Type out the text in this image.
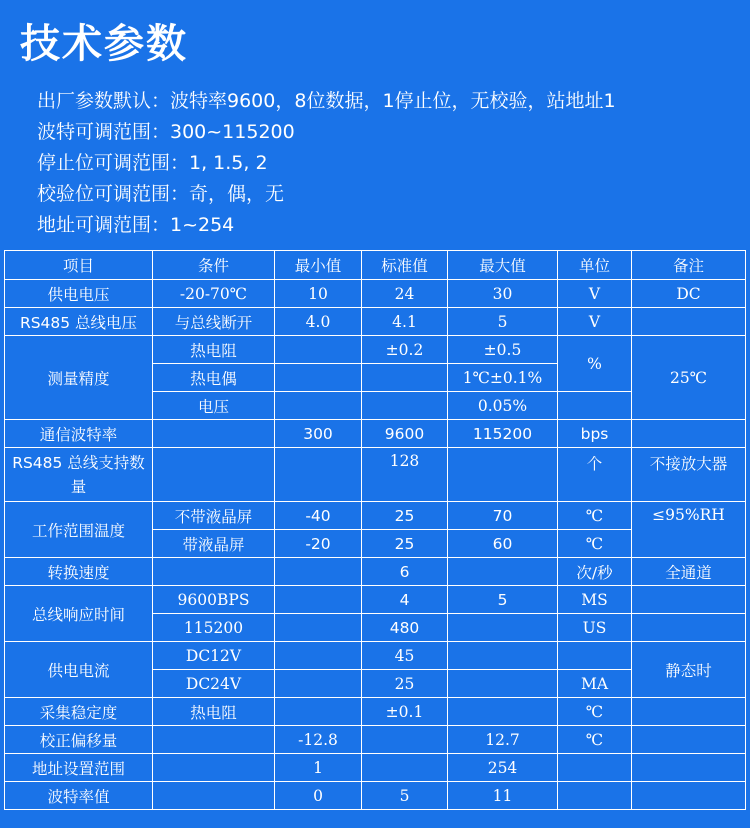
技术参数
出厂参数默认：波特率9600，8位数据，1停止位，无校验，站地址1
波特可调范围：300~115200
停止位可调范围：1, 1.5, 2
校验位可调范围：奇，偶，无
地址可调范围：1~254
项目	条件	最小值	标准值	最大值	单位	备注
供电电压	-20-70℃	10	24	30	V	DC
RS485 总线电压	与总线断开	4.0	4.1	5	V	
测量精度	热电阻		±0.2	±0.5	%	25℃
	热电偶			1℃±0.1%		
	电压			0.05%		
通信波特率		300	9600	115200	bps	
RS485 总线支持数量			128		个	不接放大器
工作范围温度	不带液晶屏	-40	25	70	℃	≤95%RH
	带液晶屏	-20	25	60	℃	
转换速度			6		次/秒	全通道
总线响应时间	9600BPS		4	5	MS	
	115200		480		US	
供电电流	DC12V		45			静态时
	DC24V		25		MA	
采集稳定度	热电阻		±0.1		℃	
校正偏移量		-12.8		12.7	℃	
地址设置范围		1		254		
波特率值		0	5	11		
